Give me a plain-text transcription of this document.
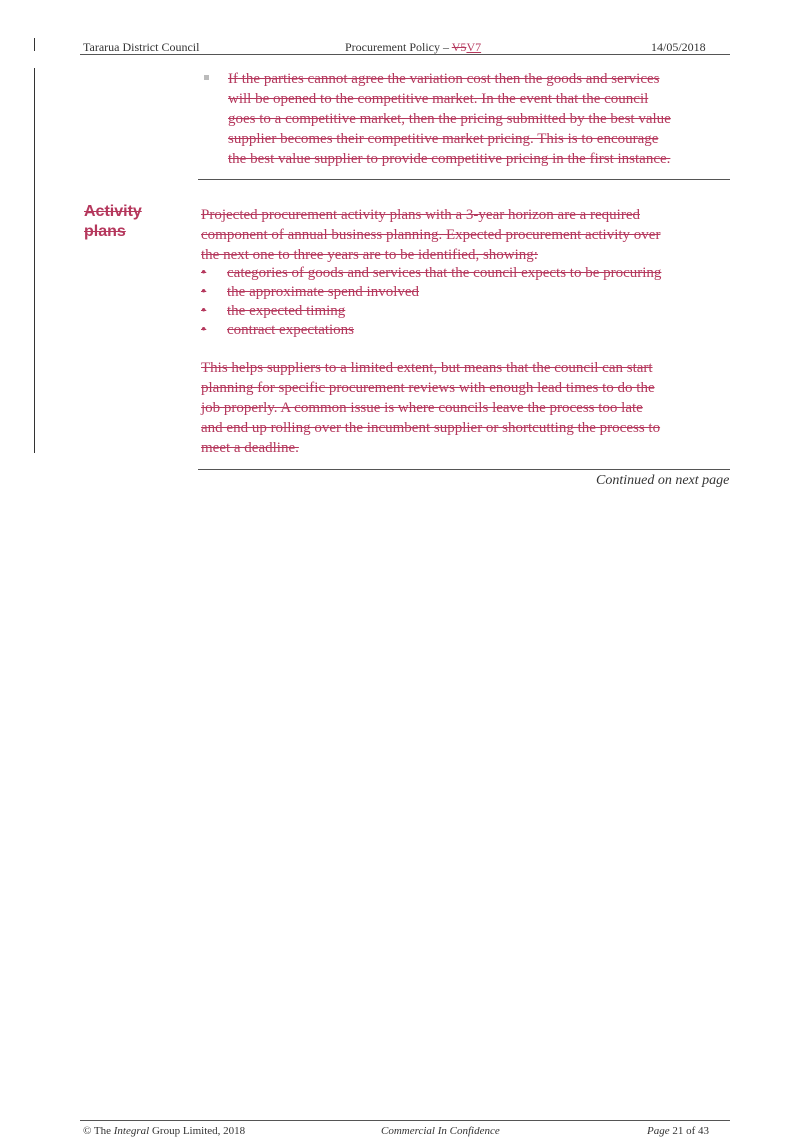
Tararua District Council	Procurement Policy – V5V7	14/05/2018
If the parties cannot agree the variation cost then the goods and services
will be opened to the competitive market. In the event that the council
goes to a competitive market, then the pricing submitted by the best value
supplier becomes their competitive market pricing. This is to encourage
the best value supplier to provide competitive pricing in the first instance.
Activity
plans
Projected procurement activity plans with a 3-year horizon are a required
component of annual business planning. Expected procurement activity over
the next one to three years are to be identified, showing:
• categories of goods and services that the council expects to be procuring
• the approximate spend involved
• the expected timing
• contract expectations
This helps suppliers to a limited extent, but means that the council can start
planning for specific procurement reviews with enough lead times to do the
job properly. A common issue is where councils leave the process too late
and end up rolling over the incumbent supplier or shortcutting the process to
meet a deadline.
Continued on next page
© The Integral Group Limited, 2018	Commercial In Confidence	Page 21 of 43
